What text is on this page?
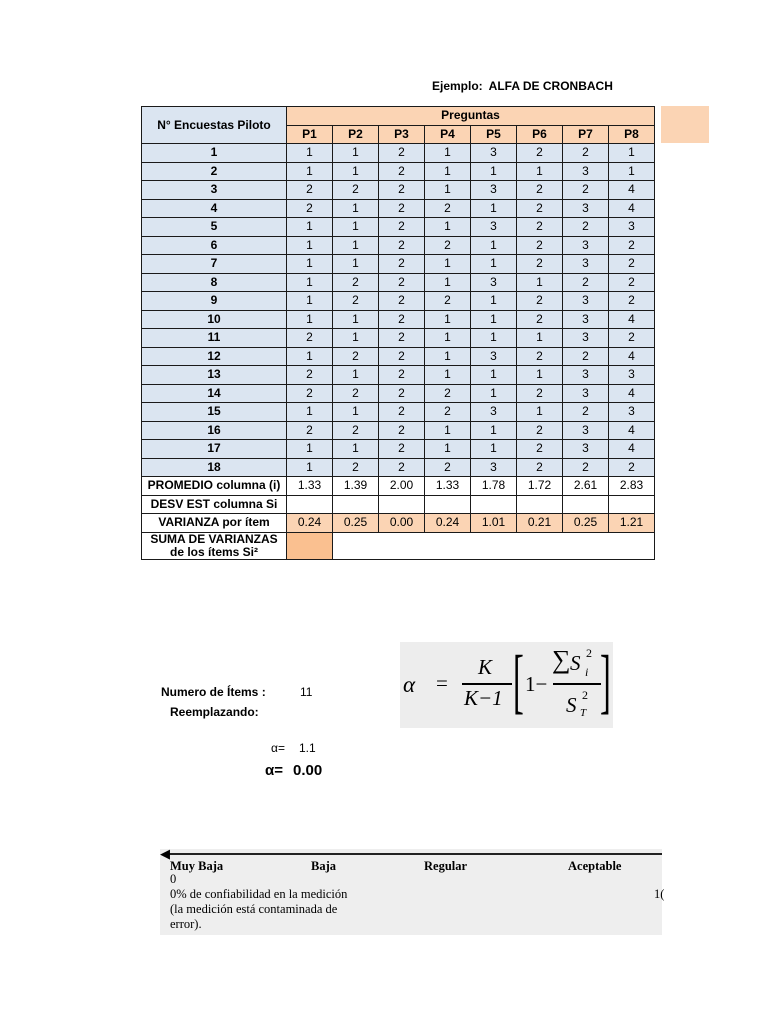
Ejemplo: ALFA DE CRONBACH
N° Encuestas Piloto	Preguntas							
	P1	P2	P3	P4	P5	P6	P7	P8
1	1	1	2	1	3	2	2	1
2	1	1	2	1	1	1	3	1
3	2	2	2	1	3	2	2	4
4	2	1	2	2	1	2	3	4
5	1	1	2	1	3	2	2	3
6	1	1	2	2	1	2	3	2
7	1	1	2	1	1	2	3	2
8	1	2	2	1	3	1	2	2
9	1	2	2	2	1	2	3	2
10	1	1	2	1	1	2	3	4
11	2	1	2	1	1	1	3	2
12	1	2	2	1	3	2	2	4
13	2	1	2	1	1	1	3	3
14	2	2	2	2	1	2	3	4
15	1	1	2	2	3	1	2	3
16	2	2	2	1	1	2	3	4
17	1	1	2	1	1	2	3	4
18	1	2	2	2	3	2	2	2
PROMEDIO columna (i)	1.33	1.39	2.00	1.33	1.78	1.72	2.61	2.83
DESV EST columna Si								
VARIANZA por ítem	0.24	0.25	0.00	0.24	1.01	0.21	0.25	1.21
SUMA DE VARIANZAS de los ítems Si²								
α =
K
K−1 [ 1−
∑ S i
2
S T
2 ]
Numero de Ítems :	11
Reemplazando:
α= 1.1
α= 0.00
◀
Muy Baja	Baja	Regular	Aceptable
0
0% de confiabilidad en la medición
(la medición está contaminada de
error).
1(
